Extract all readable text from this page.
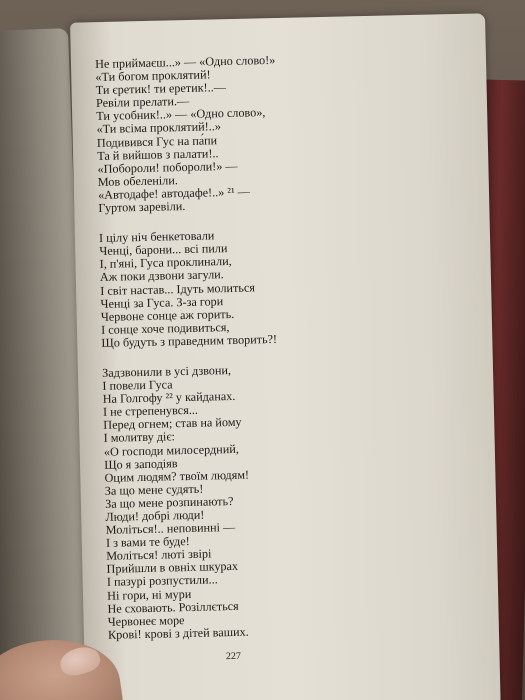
Не приймаєш...» — «Одно слово!»
«Ти богом проклятий!
Ти єретик! ти еретик!..—
Ревіли прелати.—
Ти усобник!..» — «Одно слово»,
«Ти всіма проклятий!..»
Подивився Гус на па́пи
Та й вийшов з палати!..
«Поборoли! побороли!» —
Мов обеленіли.
«Автодафе! автодафе!..» ²¹ —
Гуртом заревіли.
І цілу ніч бенкетовали
Ченці, барони... всі пили
І, п'яні, Гуса проклинали,
Аж поки дзвони загули.
І світ настав... Ідуть молиться
Ченці за Гуса. З-за гори
Червоне сонце аж горить.
І сонце хоче подивиться,
Що будуть з праведним творить?!
Задзвонили в усі дзвони,
І повели Гуса
На Голгофу ²² у кайданах.
І не стрепенувся...
Перед огнем; став на йому
І молитву діє:
«О господи милосердний,
Що я заподіяв
Оцим людям? твоїм людям!
За що мене судять!
За що мене розпинають?
Люди! добрі люди!
Моліться!.. неповинні —
І з вами те буде!
Моліться! люті звірі
Прийшли в овніх шкурах
І пазурі розпустили...
Ні гори, ні мури
Не сховають. Розіллється
Червонеє море
Крові! крові з дітей ваших.
227
